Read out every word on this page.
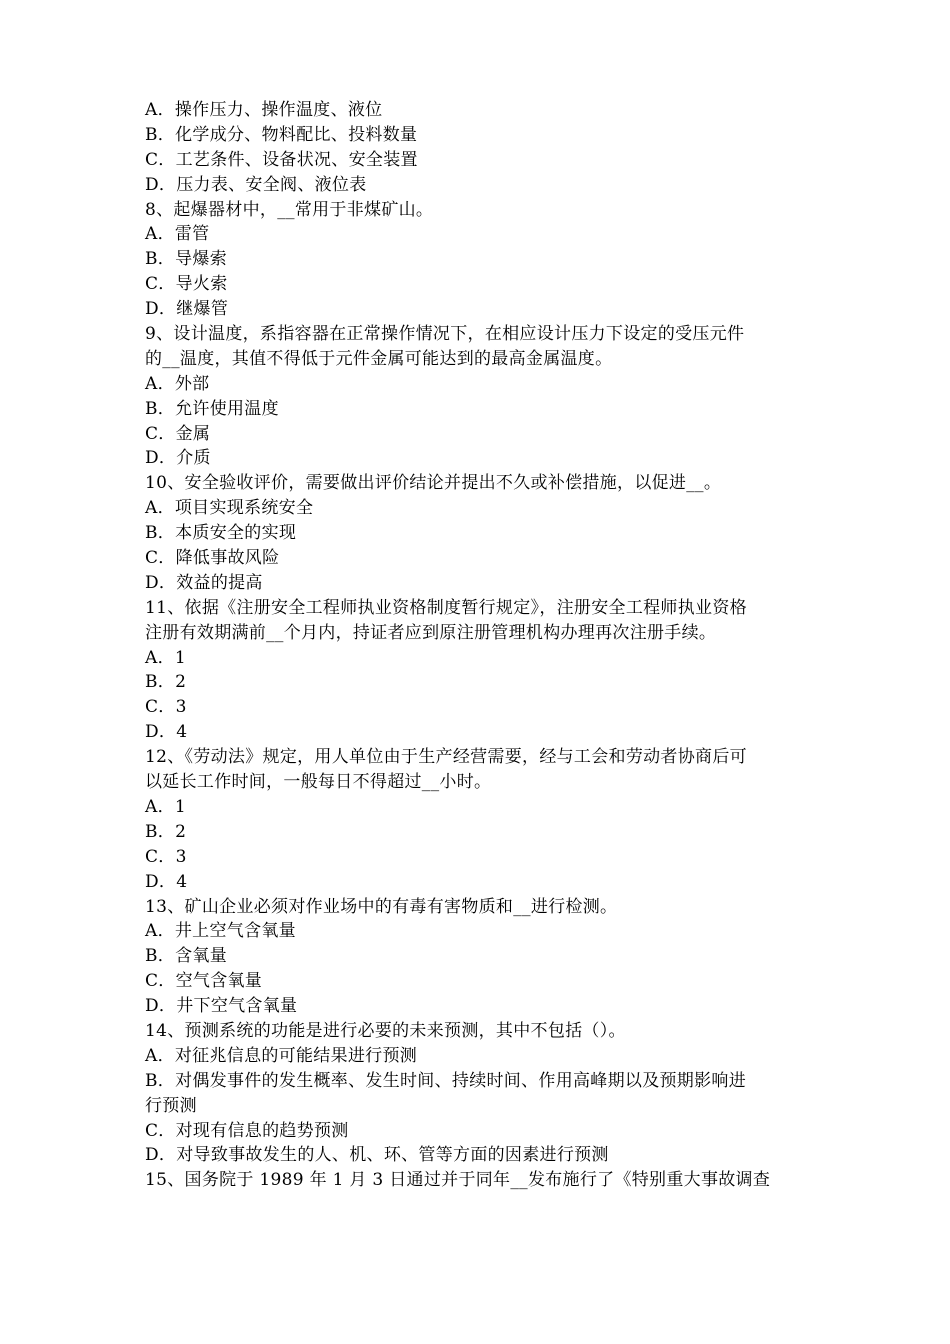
A．操作压力、操作温度、液位
B．化学成分、物料配比、投料数量
C．工艺条件、设备状况、安全装置
D．压力表、安全阀、液位表
8、起爆器材中，__常用于非煤矿山。
A．雷管
B．导爆索
C．导火索
D．继爆管
9、设计温度，系指容器在正常操作情况下，在相应设计压力下设定的受压元件
的__温度，其值不得低于元件金属可能达到的最高金属温度。
A．外部
B．允许使用温度
C．金属
D．介质
10、安全验收评价，需要做出评价结论并提出不久或补偿措施，以促进__。
A．项目实现系统安全
B．本质安全的实现
C．降低事故风险
D．效益的提高
11、依据《注册安全工程师执业资格制度暂行规定》，注册安全工程师执业资格
注册有效期满前__个月内，持证者应到原注册管理机构办理再次注册手续。
A．1
B．2
C．3
D．4
12、《劳动法》规定，用人单位由于生产经营需要，经与工会和劳动者协商后可
以延长工作时间，一般每日不得超过__小时。
A．1
B．2
C．3
D．4
13、矿山企业必须对作业场中的有毒有害物质和__进行检测。
A．井上空气含氧量
B．含氧量
C．空气含氧量
D．井下空气含氧量
14、预测系统的功能是进行必要的未来预测，其中不包括（）。
A．对征兆信息的可能结果进行预测
B．对偶发事件的发生概率、发生时间、持续时间、作用高峰期以及预期影响进
行预测
C．对现有信息的趋势预测
D．对导致事故发生的人、机、环、管等方面的因素进行预测
15、国务院于 1989 年 1 月 3 日通过并于同年__发布施行了《特别重大事故调查
